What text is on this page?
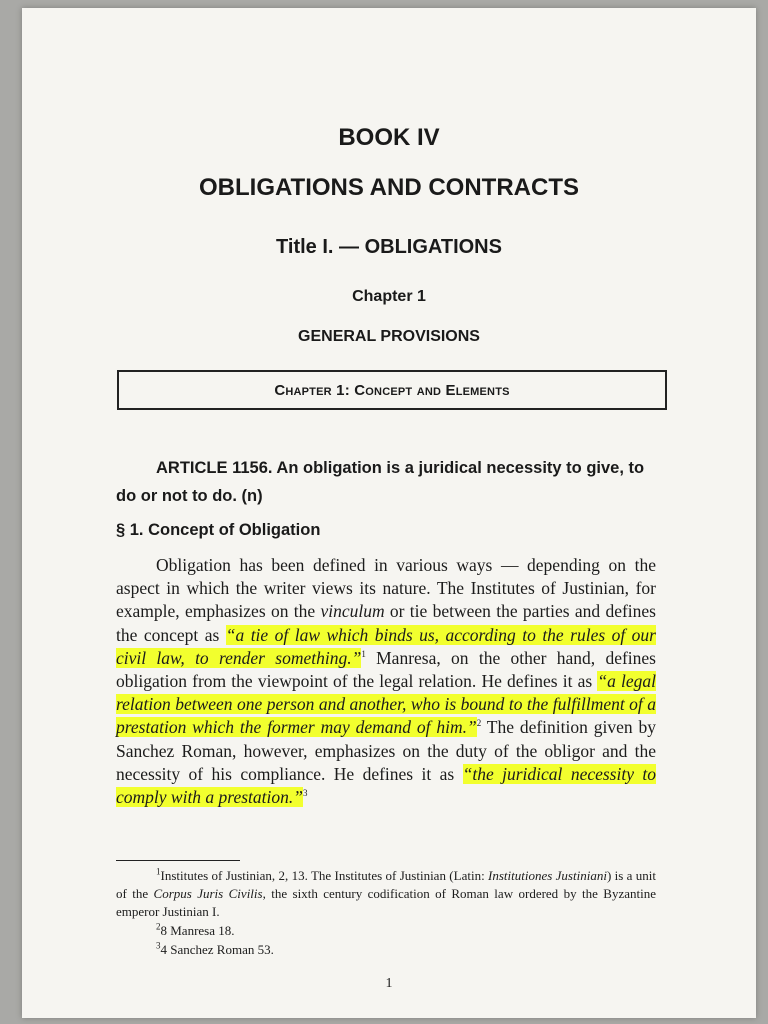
BOOK IV
OBLIGATIONS AND CONTRACTS
Title I. — OBLIGATIONS
Chapter 1
GENERAL PROVISIONS
Chapter 1: Concept and Elements
ARTICLE 1156. An obligation is a juridical necessity to give, to do or not to do. (n)
§ 1. Concept of Obligation
Obligation has been defined in various ways — depending on the aspect in which the writer views its nature. The Institutes of Justinian, for example, emphasizes on the vinculum or tie between the parties and defines the concept as “a tie of law which binds us, according to the rules of our civil law, to render something.”$^1$ Manresa, on the other hand, defines obligation from the viewpoint of the legal relation. He defines it as “a legal relation between one person and another, who is bound to the fulfillment of a prestation which the former may demand of him.”$^2$ The definition given by Sanchez Roman, however, emphasizes on the duty of the obligor and the necessity of his compliance. He defines it as “the juridical necessity to comply with a prestation.”$^3$
$^1$Institutes of Justinian, 2, 13. The Institutes of Justinian (Latin: Institutiones Justiniani) is a unit of the Corpus Juris Civilis, the sixth century codification of Roman law ordered by the Byzantine emperor Justinian I.
$^2$8 Manresa 18.
$^3$4 Sanchez Roman 53.
1
